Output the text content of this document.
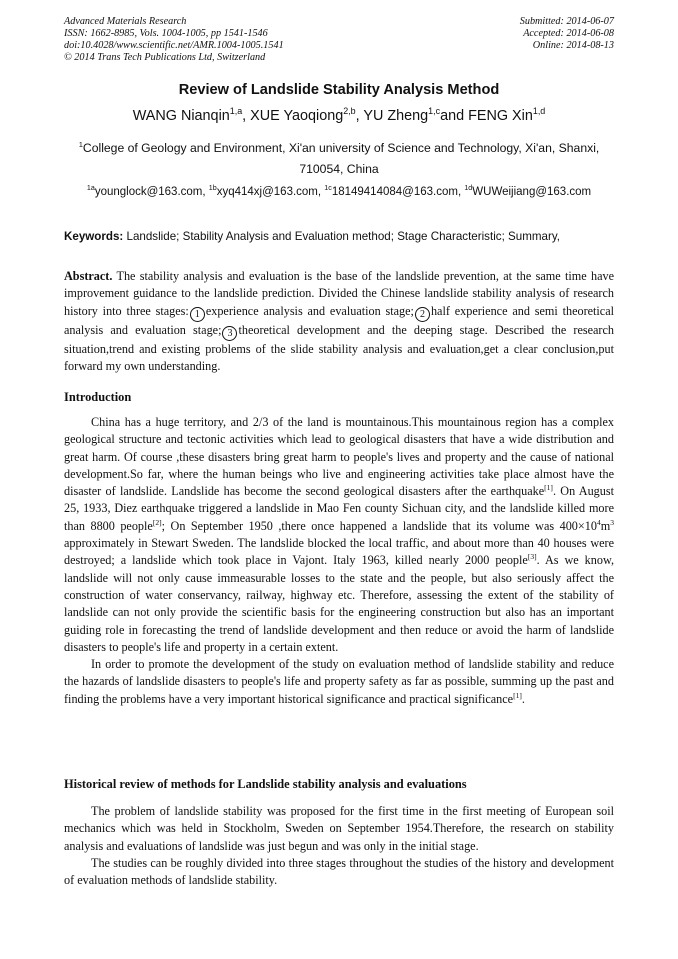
Advanced Materials Research
ISSN: 1662-8985, Vols. 1004-1005, pp 1541-1546
doi:10.4028/www.scientific.net/AMR.1004-1005.1541
© 2014 Trans Tech Publications Ltd, Switzerland
Submitted: 2014-06-07
Accepted: 2014-06-08
Online: 2014-08-13
Review of Landslide Stability Analysis Method
WANG Nianqin$^{1,a}$, XUE Yaoqiong$^{2,b}$, YU Zheng$^{1,c}$and FENG Xin$^{1,d}$
$^1$College of Geology and Environment, Xi'an university of Science and Technology, Xi'an, Shanxi, 710054, China
$^{1a}$younglock@163.com, $^{1b}$xyq414xj@163.com, $^{1c}$18149414084@163.com, $^{1d}$WUWeijiang@163.com
Keywords: Landslide; Stability Analysis and Evaluation method; Stage Characteristic; Summary,

Abstract. The stability analysis and evaluation is the base of the landslide prevention, at the same time have improvement guidance to the landslide prediction. Divided the Chinese landslide stability analysis of research history into three stages: 1 experience analysis and evaluation stage; 2 half experience and semi theoretical analysis and evaluation stage; 3 theoretical development and the deeping stage. Described the research situation,trend and existing problems of the slide stability analysis and evaluation,get a clear conclusion,put forward my own understanding.

Introduction

China has a huge territory, and 2/3 of the land is mountainous.This mountainous region has a complex geological structure and tectonic activities which lead to geological disasters that have a wide distribution and great harm. Of course ,these disasters bring great harm to people's lives and property and the cause of national development.So far, where the human beings who live and engineering activities take place almost have the disaster of landslide. Landslide has become the second geological disasters after the earthquake[1]. On August 25, 1933, Diez earthquake triggered a landslide in Mao Fen county Sichuan city, and the landslide killed more than 8800 people[2]; On September 1950 ,there once happened a landslide that its volume was $400\times 10^4m^3$ approximately in Stewart Sweden. The landslide blocked the local traffic, and about more than 40 houses were destroyed; a landslide which took place in Vajont. Italy 1963, killed nearly 2000 people[3]. As we know, landslide will not only cause immeasurable losses to the state and the people, but also seriously affect the construction of water conservancy, railway, highway etc. Therefore, assessing the extent of the stability of landslide can not only provide the scientific basis for the engineering construction but also has an important guiding role in forecasting the trend of landslide development and then reduce or avoid the harm of landslide disasters to people's life and property in a certain extent.

In order to promote the development of the study on evaluation method of landslide stability and reduce the hazards of landslide disasters to people's life and property safety as far as possible, summing up the past and finding the problems have a very important historical significance and practical significance[1].

Historical review of methods for Landslide stability analysis and evaluations

The problem of landslide stability was proposed for the first time in the first meeting of European soil mechanics which was held in Stockholm, Sweden on September 1954.Therefore, the research on stability analysis and evaluations of landslide was just begun and was only in the initial stage.

The studies can be roughly divided into three stages throughout the studies of the history and development of evaluation methods of landslide stability.
